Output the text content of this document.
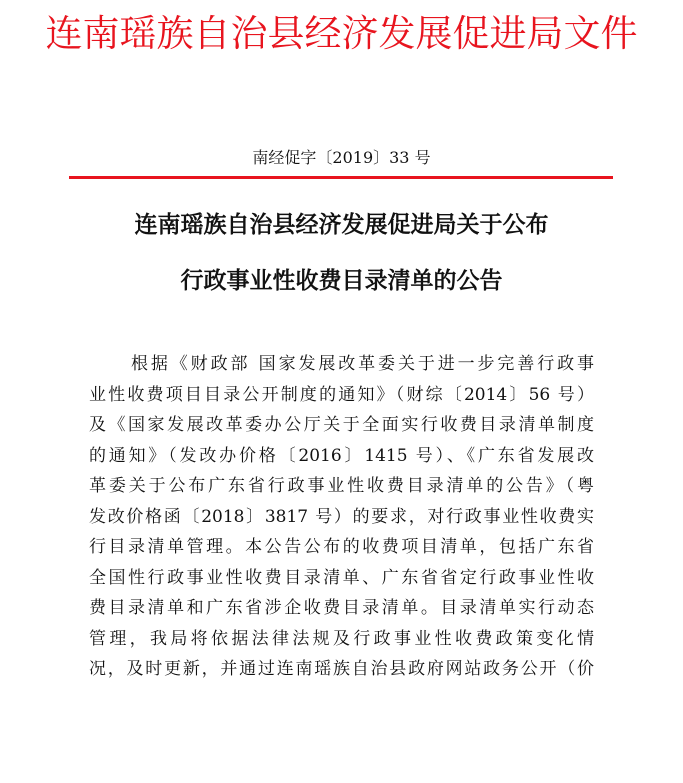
连南瑶族自治县经济发展促进局文件
南经促字〔2019〕33 号
连南瑶族自治县经济发展促进局关于公布
行政事业性收费目录清单的公告
根据《财政部 国家发展改革委关于进一步完善行政事
业性收费项目目录公开制度的通知》（财综〔2014〕56 号）
及《国家发展改革委办公厅关于全面实行收费目录清单制度
的通知》（发改办价格〔2016〕1415 号）、《广东省发展改
革委关于公布广东省行政事业性收费目录清单的公告》（粤
发改价格函〔2018〕3817 号）的要求，对行政事业性收费实
行目录清单管理。本公告公布的收费项目清单，包括广东省
全国性行政事业性收费目录清单、广东省省定行政事业性收
费目录清单和广东省涉企收费目录清单。目录清单实行动态
管理，我局将依据法律法规及行政事业性收费政策变化情
况，及时更新，并通过连南瑶族自治县政府网站政务公开（价
